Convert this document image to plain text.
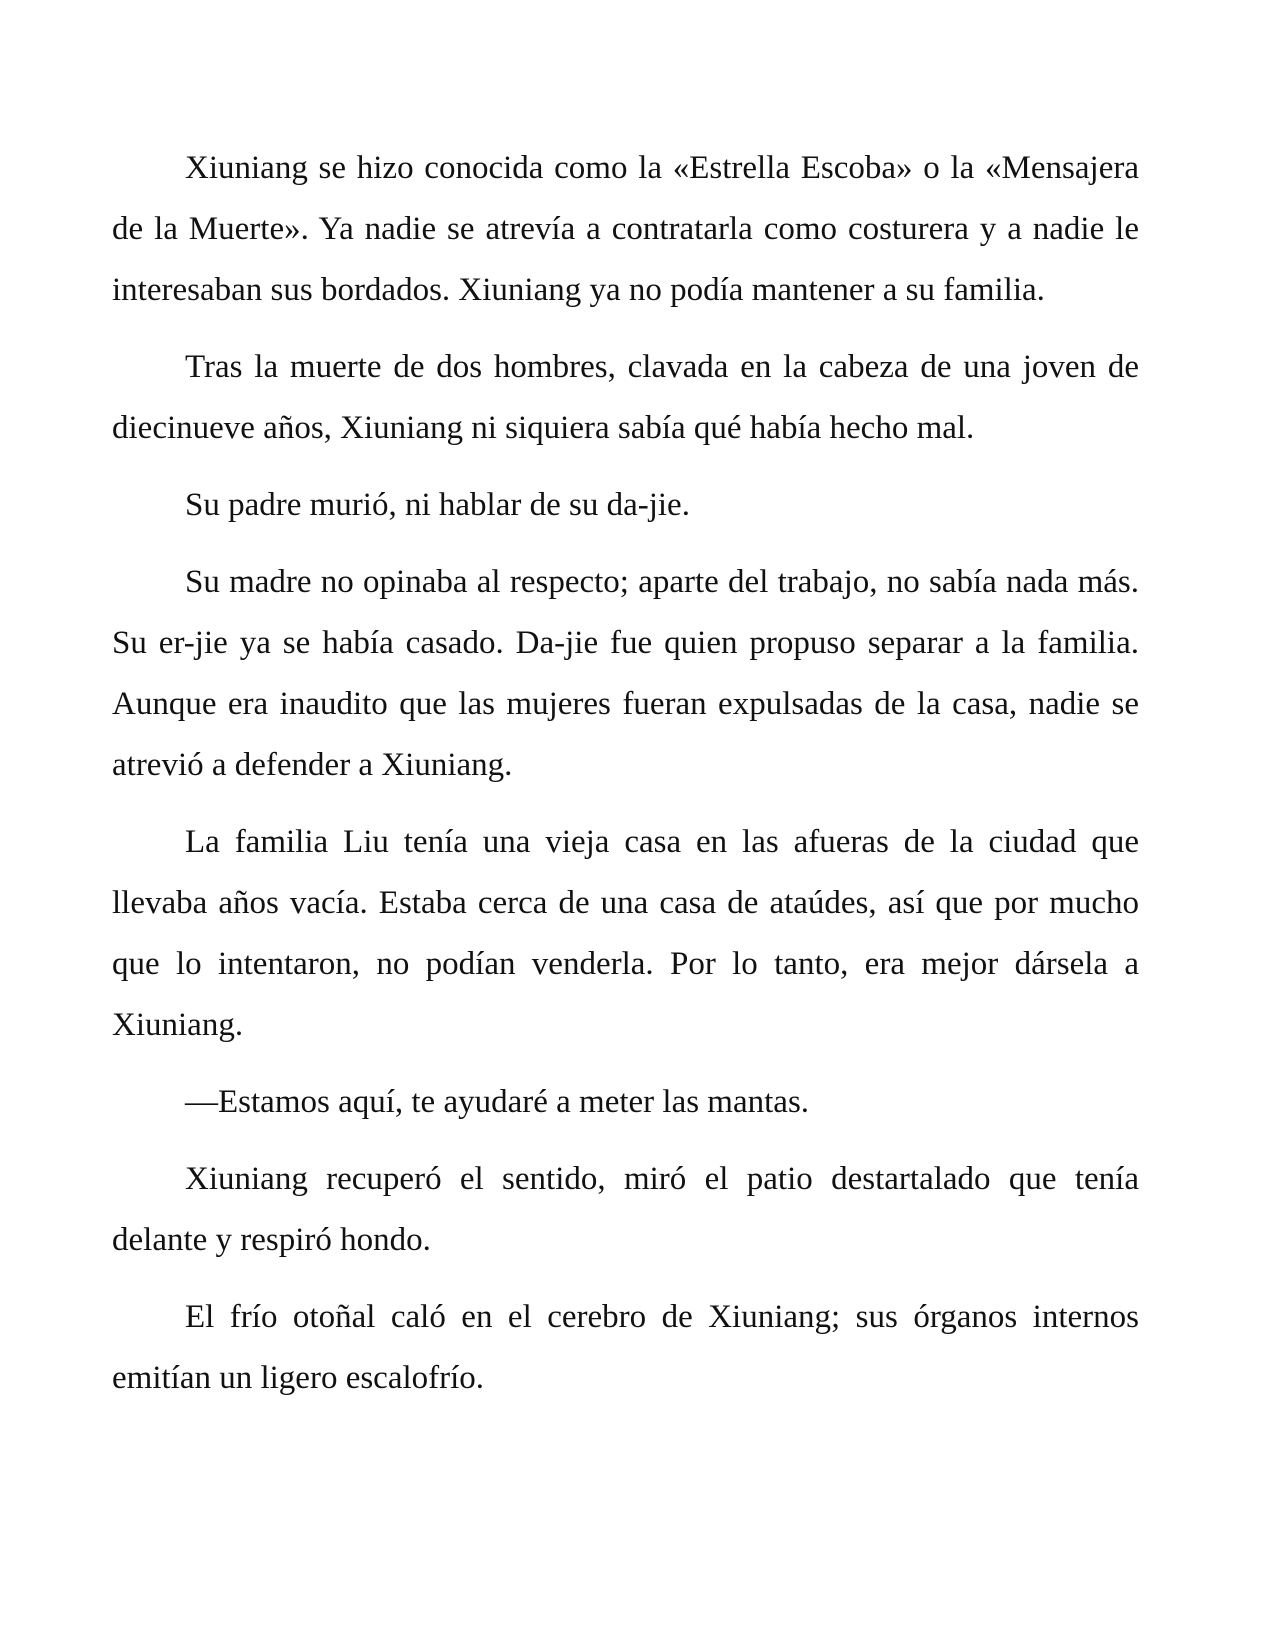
Xiuniang se hizo conocida como la «Estrella Escoba» o la «Mensajera de la Muerte». Ya nadie se atrevía a contratarla como costurera y a nadie le interesaban sus bordados. Xiuniang ya no podía mantener a su familia.

Tras la muerte de dos hombres, clavada en la cabeza de una joven de diecinueve años, Xiuniang ni siquiera sabía qué había hecho mal.

Su padre murió, ni hablar de su da-jie.

Su madre no opinaba al respecto; aparte del trabajo, no sabía nada más. Su er-jie ya se había casado. Da-jie fue quien propuso separar a la familia. Aunque era inaudito que las mujeres fueran expulsadas de la casa, nadie se atrevió a defender a Xiuniang.

La familia Liu tenía una vieja casa en las afueras de la ciudad que llevaba años vacía. Estaba cerca de una casa de ataúdes, así que por mucho que lo intentaron, no podían venderla. Por lo tanto, era mejor dársela a Xiuniang.

—Estamos aquí, te ayudaré a meter las mantas.

Xiuniang recuperó el sentido, miró el patio destartalado que tenía delante y respiró hondo.

El frío otoñal caló en el cerebro de Xiuniang; sus órganos internos emitían un ligero escalofrío.
